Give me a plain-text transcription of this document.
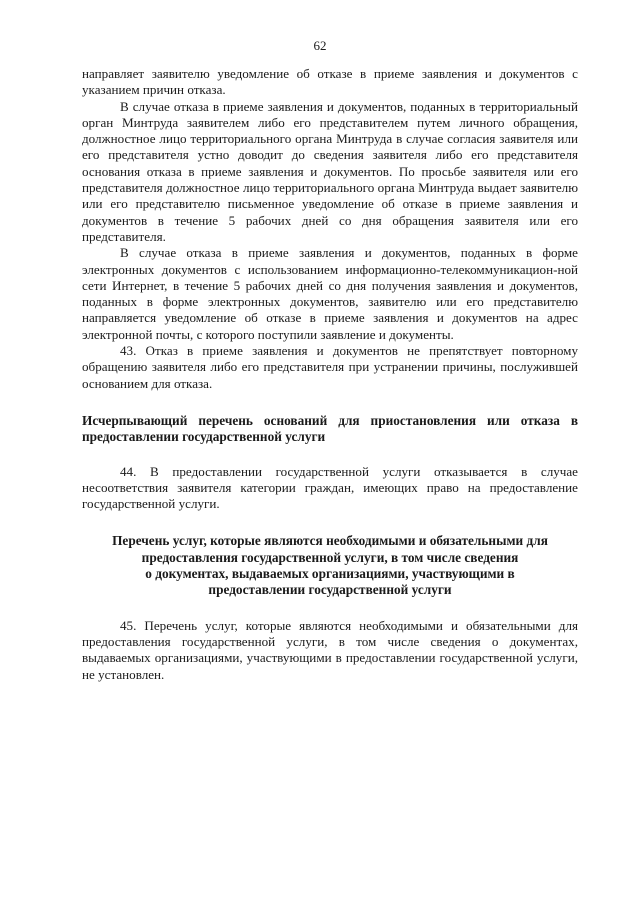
62

направляет заявителю уведомление об отказе в приеме заявления и документов с указанием причин отказа.

В случае отказа в приеме заявления и документов, поданных в территориальный орган Минтруда заявителем либо его представителем путем личного обращения, должностное лицо территориального органа Минтруда в случае согласия заявителя или его представителя устно доводит до сведения заявителя либо его представителя основания отказа в приеме заявления и документов. По просьбе заявителя или его представителя должностное лицо территориального органа Минтруда выдает заявителю или его представителю письменное уведомление об отказе в приеме заявления и документов в течение 5 рабочих дней со дня обращения заявителя или его представителя.

В случае отказа в приеме заявления и документов, поданных в форме электронных документов с использованием информационно-телекоммуникацион-ной сети Интернет, в течение 5 рабочих дней со дня получения заявления и документов, поданных в форме электронных документов, заявителю или его представителю направляется уведомление об отказе в приеме заявления и документов на адрес электронной почты, с которого поступили заявление и документы.

43. Отказ в приеме заявления и документов не препятствует повторному обращению заявителя либо его представителя при устранении причины, послужившей основанием для отказа.

Исчерпывающий перечень оснований для приостановления или отказа в предоставлении государственной услуги

44. В предоставлении государственной услуги отказывается в случае несоответствия заявителя категории граждан, имеющих право на предоставление государственной услуги.

Перечень услуг, которые являются необходимыми и обязательными для
предоставления государственной услуги, в том числе сведения
о документах, выдаваемых организациями, участвующими в
предоставлении государственной услуги

45. Перечень услуг, которые являются необходимыми и обязательными для предоставления государственной услуги, в том числе сведения о документах, выдаваемых организациями, участвующими в предоставлении государственной услуги, не установлен.
